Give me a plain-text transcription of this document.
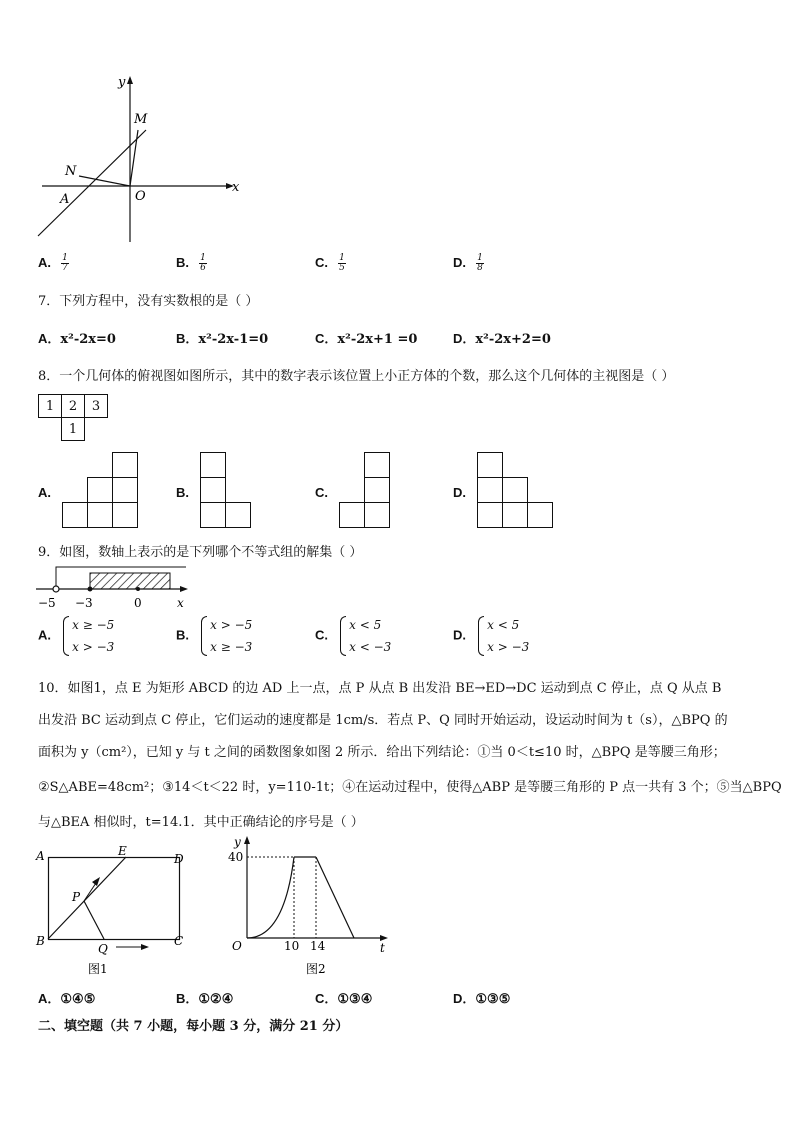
y
x
M
N
O
A
A. $\frac{1}{7}$	B. $\frac{1}{6}$	C. $\frac{1}{5}$	D. $\frac{1}{8}$
7．下列方程中，没有实数根的是（ ）
A．x²-2x=0	B．x²-2x-1=0	C．x²-2x+1 =0	D．x²-2x+2=0
8．一个几何体的俯视图如图所示，其中的数字表示该位置上小正方体的个数，那么这个几何体的主视图是（ ）
1	2	3
	1	
A.	B.	C.	D.
9．如图，数轴上表示的是下列哪个不等式组的解集（ ）
−5 −3	0	x
A.
x ≥ −5
x > −3
B.
x > −5
x ≥ −3
C.
x < 5
x < −3
D.
x < 5
x > −3
10．如图1，点 E 为矩形 ABCD 的边 AD 上一点，点 P 从点 B 出发沿 BE→ED→DC 运动到点 C 停止，点 Q 从点 B
出发沿 BC 运动到点 C 停止，它们运动的速度都是 1cm/s．若点 P、Q 同时开始运动，设运动时间为 t（s），△BPQ 的
面积为 y（cm²），已知 y 与 t 之间的函数图象如图 2 所示．给出下列结论：①当 0＜t≤10 时，△BPQ 是等腰三角形；
②S△ABE=48cm²；③14＜t＜22 时，y=110-1t；④在运动过程中，使得△ABP 是等腰三角形的 P 点一共有 3 个；⑤当△BPQ
与△BEA 相似时，t=14.1．其中正确结论的序号是（ ）
A	E
D
P
B
Q
C
图1
y
40
O	10 14	t
图2
A．①④⑤	B．①②④	C．①③④	D．①③⑤
二、填空题（共 7 小题，每小题 3 分，满分 21 分）
